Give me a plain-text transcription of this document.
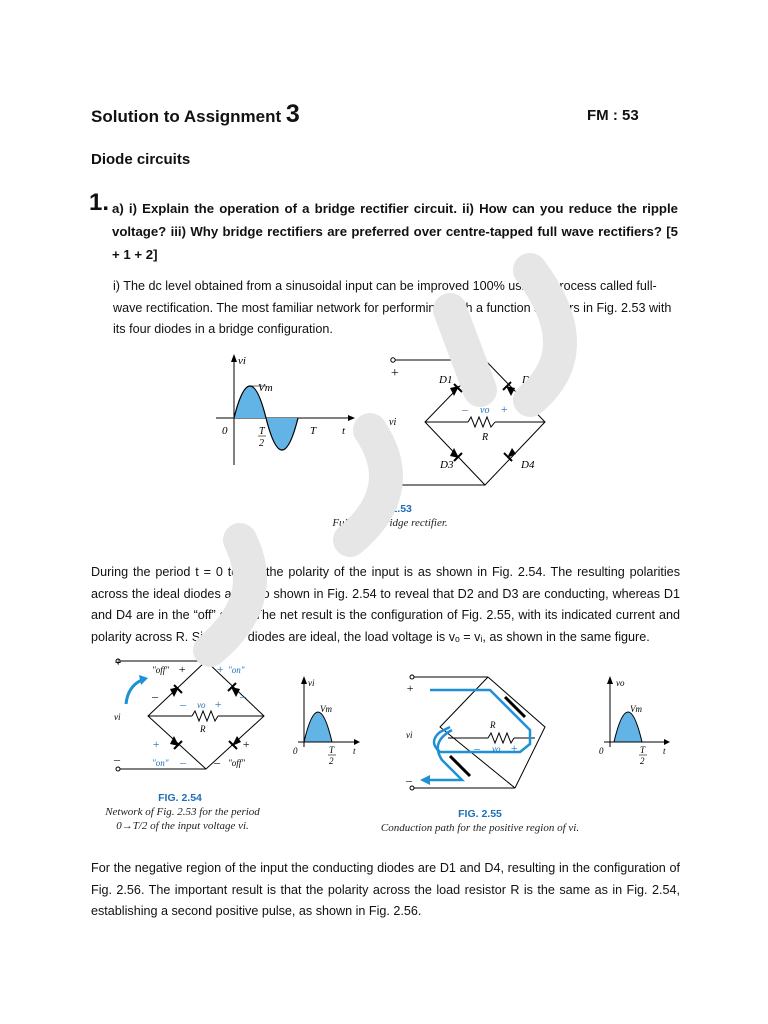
Solution to Assignment 3	FM : 53
Diode circuits
1. a) i) Explain the operation of a bridge rectifier circuit. ii) How can you reduce the ripple voltage? iii) Why bridge rectifiers are preferred over centre-tapped full wave rectifiers? [5 + 1 + 2]
i) The dc level obtained from a sinusoidal input can be improved 100% using a process called full-wave rectification. The most familiar network for performing such a function appears in Fig. 2.53 with its four diodes in a bridge configuration.
vi
Vm
0	T
2
T t
+
–
vi
D1	D2
D3	D4
– vo +
R
FIG. 2.53
Full-wave bridge rectifier.
During the period t = 0 to T/2 the polarity of the input is as shown in Fig. 2.54. The resulting polarities across the ideal diodes are also shown in Fig. 2.54 to reveal that D2 and D3 are conducting, whereas D1 and D4 are in the “off” state. The net result is the configuration of Fig. 2.55, with its indicated current and polarity across R. Since the diodes are ideal, the load voltage is vₒ = vᵢ, as shown in the same figure.
"off" + + "on"
–	–
– vo +
R
vi
+	+
"on" – – "off"
+
–
FIG. 2.54
Network of Fig. 2.53 for the period
0→T/2 of the input voltage vi.
vi
Vm
0	T
2
t
+
–
vi
R
– vo +
vo
Vm
0	T
2
t
FIG. 2.55
Conduction path for the positive region of vi.
For the negative region of the input the conducting diodes are D1 and D4, resulting in the configuration of Fig. 2.56. The important result is that the polarity across the load resistor R is the same as in Fig. 2.54, establishing a second positive pulse, as shown in Fig. 2.56.
